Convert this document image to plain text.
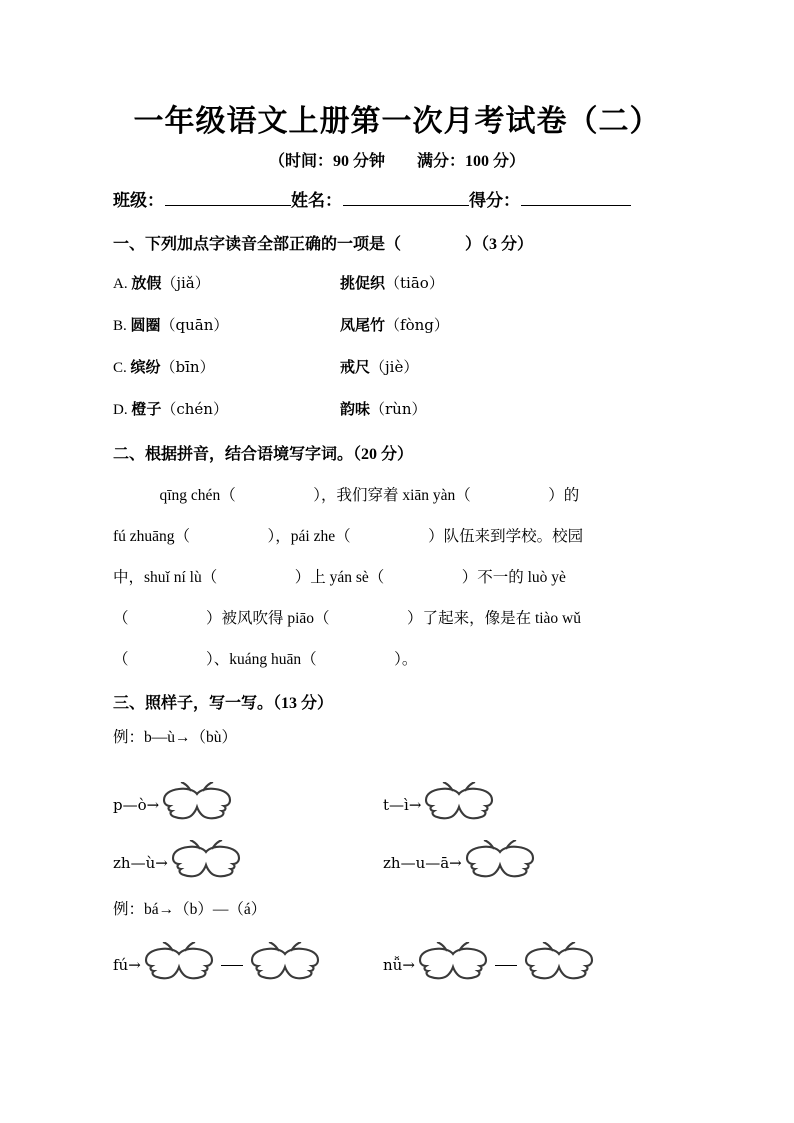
一年级语文上册第一次月考试卷（二）
（时间：90 分钟　　满分：100 分）
班级：	姓名：	得分：
一、下列加点字读音全部正确的一项是（　　　　）（3 分）
A. 放假（jiǎ）	挑促织（tiāo）
B. 圆圈（quān）	凤尾竹（fòng）
C. 缤纷（bīn）	戒尺（jiè）
D. 橙子（chén）	韵味（rùn）
二、根据拼音，结合语境写字词。（20 分）
　　　qīng chén（　　　　　），我们穿着 xiān yàn（　　　　　）的
fú zhuāng（　　　　　），pái zhe（　　　　　）队伍来到学校。校园
中，shuǐ ní lù（　　　　　）上 yán sè（　　　　　）不一的 luò yè
（　　　　　）被风吹得 piāo（　　　　　）了起来，像是在 tiào wǔ
（　　　　　）、kuáng huān（　　　　　）。
三、照样子，写一写。（13 分）
例：b—ù→（bù）
p—ò→	t—ì→
zh—ù→	zh—u—ā→
例：bá→（b）—（á）
fú→	nǚ→
